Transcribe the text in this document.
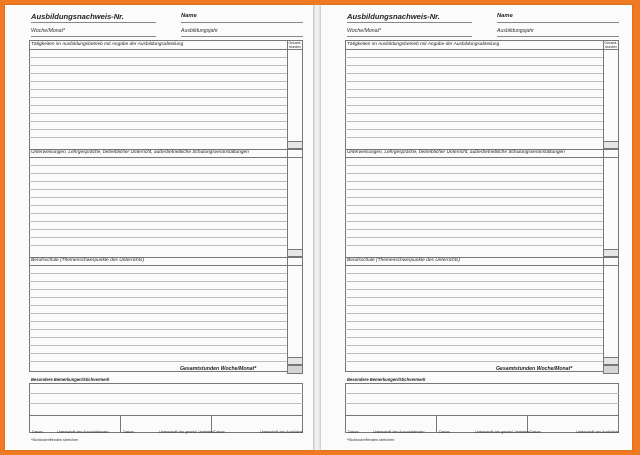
Ausbildungsnachweis-Nr.
Woche/Monat*
Name
Ausbildungsjahr
Gesamt-
stunden
Tätigkeiten im Ausbildungsbetrieb mit Angabe der Ausbildungsabteilung
Unterweisungen, Lehrgespräche, betrieblicher Unterricht, außerbetriebliche Schulungsveranstaltungen
Berufsschule (Themenschwerpunkte des Unterrichts)
Gesamtstunden Woche/Monat*
Besondere Bemerkungen/Stichvermerk
Datum	Unterschrift des Auszubildenden	Datum	Unterschrift des gesetzl. Vertreters Datum	Unterschrift des Ausbilders
*Nichtzutreffendes streichen
Ausbildungsnachweis-Nr.
Woche/Monat*
Name
Ausbildungsjahr
Gesamt-
stunden
Tätigkeiten im Ausbildungsbetrieb mit Angabe der Ausbildungsabteilung
Unterweisungen, Lehrgespräche, betrieblicher Unterricht, außerbetriebliche Schulungsveranstaltungen
Berufsschule (Themenschwerpunkte des Unterrichts)
Gesamtstunden Woche/Monat*
Besondere Bemerkungen/Stichvermerk
Datum	Unterschrift des Auszubildenden	Datum	Unterschrift des gesetzl. Vertreters Datum	Unterschrift des Ausbilders
*Nichtzutreffendes streichen
